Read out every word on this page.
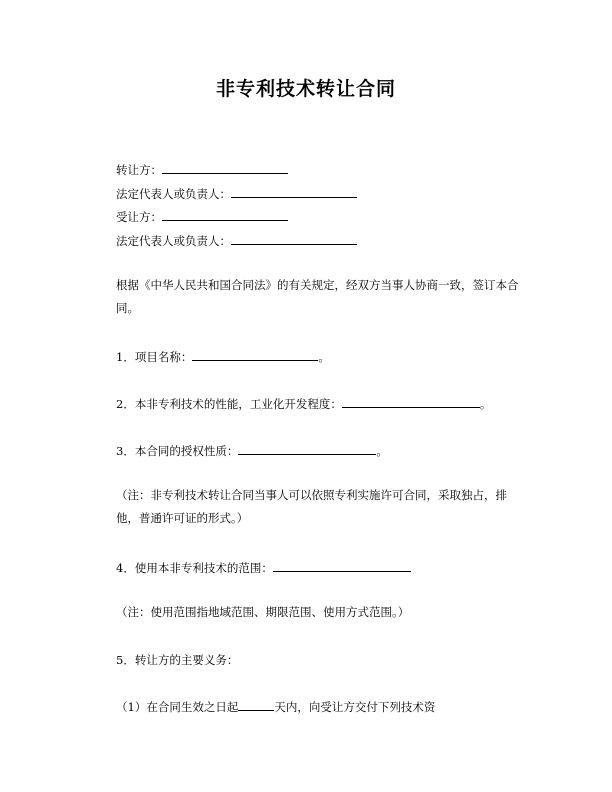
非专利技术转让合同
转让方：
法定代表人或负责人：
受让方：
法定代表人或负责人：
根据《中华人民共和国合同法》的有关规定，经双方当事人协商一致，签订本合同。
1．项目名称：	。
2．本非专利技术的性能，工业化开发程度：	。
3．本合同的授权性质：	。
（注：非专利技术转让合同当事人可以依照专利实施许可合同，采取独占，排他，普通许可证的形式。）
4．使用本非专利技术的范围：
（注：使用范围指地域范围、期限范围、使用方式范围。）
5．转让方的主要义务：
（1）在合同生效之日起	天内，向受让方交付下列技术资
